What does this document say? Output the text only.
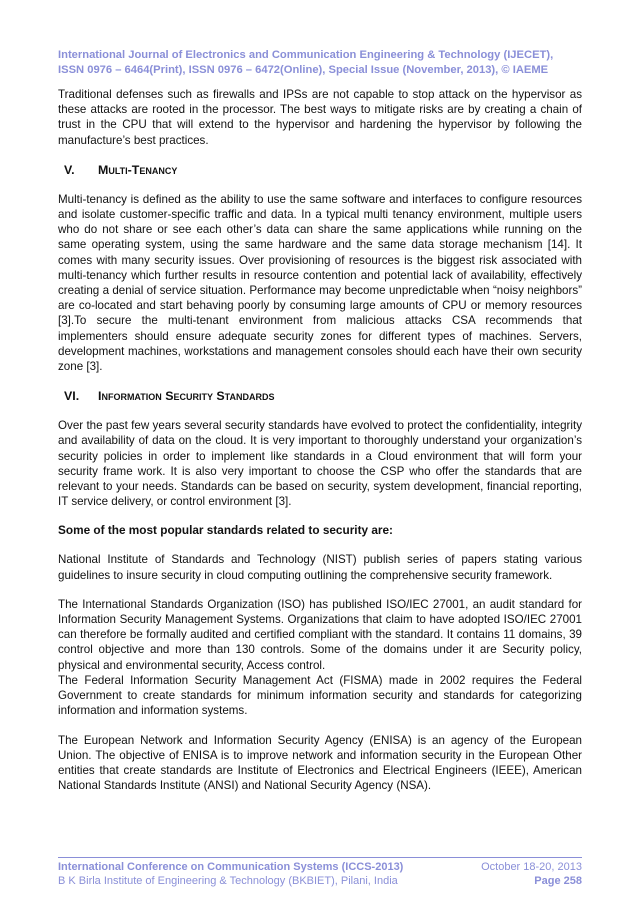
International Journal of Electronics and Communication Engineering & Technology (IJECET),
ISSN 0976 – 6464(Print), ISSN 0976 – 6472(Online), Special Issue (November, 2013), © IAEME

Traditional defenses such as firewalls and IPSs are not capable to stop attack on the hypervisor as these attacks are rooted in the processor. The best ways to mitigate risks are by creating a chain of trust in the CPU that will extend to the hypervisor and hardening the hypervisor by following the manufacture’s best practices.

V.	Multi-Tenancy

Multi-tenancy is defined as the ability to use the same software and interfaces to configure resources and isolate customer-specific traffic and data. In a typical multi tenancy environment, multiple users who do not share or see each other’s data can share the same applications while running on the same operating system, using the same hardware and the same data storage mechanism [14]. It comes with many security issues. Over provisioning of resources is the biggest risk associated with multi-tenancy which further results in resource contention and potential lack of availability, effectively creating a denial of service situation. Performance may become unpredictable when “noisy neighbors” are co-located and start behaving poorly by consuming large amounts of CPU or memory resources [3].To secure the multi-tenant environment from malicious attacks CSA recommends that implementers should ensure adequate security zones for different types of machines. Servers, development machines, workstations and management consoles should each have their own security zone [3].

VI.	Information Security Standards

Over the past few years several security standards have evolved to protect the confidentiality, integrity and availability of data on the cloud. It is very important to thoroughly understand your organization’s security policies in order to implement like standards in a Cloud environment that will form your security frame work. It is also very important to choose the CSP who offer the standards that are relevant to your needs. Standards can be based on security, system development, financial reporting, IT service delivery, or control environment [3].

Some of the most popular standards related to security are:

National Institute of Standards and Technology (NIST) publish series of papers stating various guidelines to insure security in cloud computing outlining the comprehensive security framework.

The International Standards Organization (ISO) has published ISO/IEC 27001, an audit standard for Information Security Management Systems. Organizations that claim to have adopted ISO/IEC 27001 can therefore be formally audited and certified compliant with the standard. It contains 11 domains, 39 control objective and more than 130 controls. Some of the domains under it are Security policy, physical and environmental security, Access control.

The Federal Information Security Management Act (FISMA) made in 2002 requires the Federal Government to create standards for minimum information security and standards for categorizing information and information systems.

The European Network and Information Security Agency (ENISA) is an agency of the European Union. The objective of ENISA is to improve network and information security in the European Other entities that create standards are Institute of Electronics and Electrical Engineers (IEEE), American National Standards Institute (ANSI) and National Security Agency (NSA).

International Conference on Communication Systems (ICCS-2013)	October 18-20, 2013
B K Birla Institute of Engineering & Technology (BKBIET), Pilani, India	Page 258
